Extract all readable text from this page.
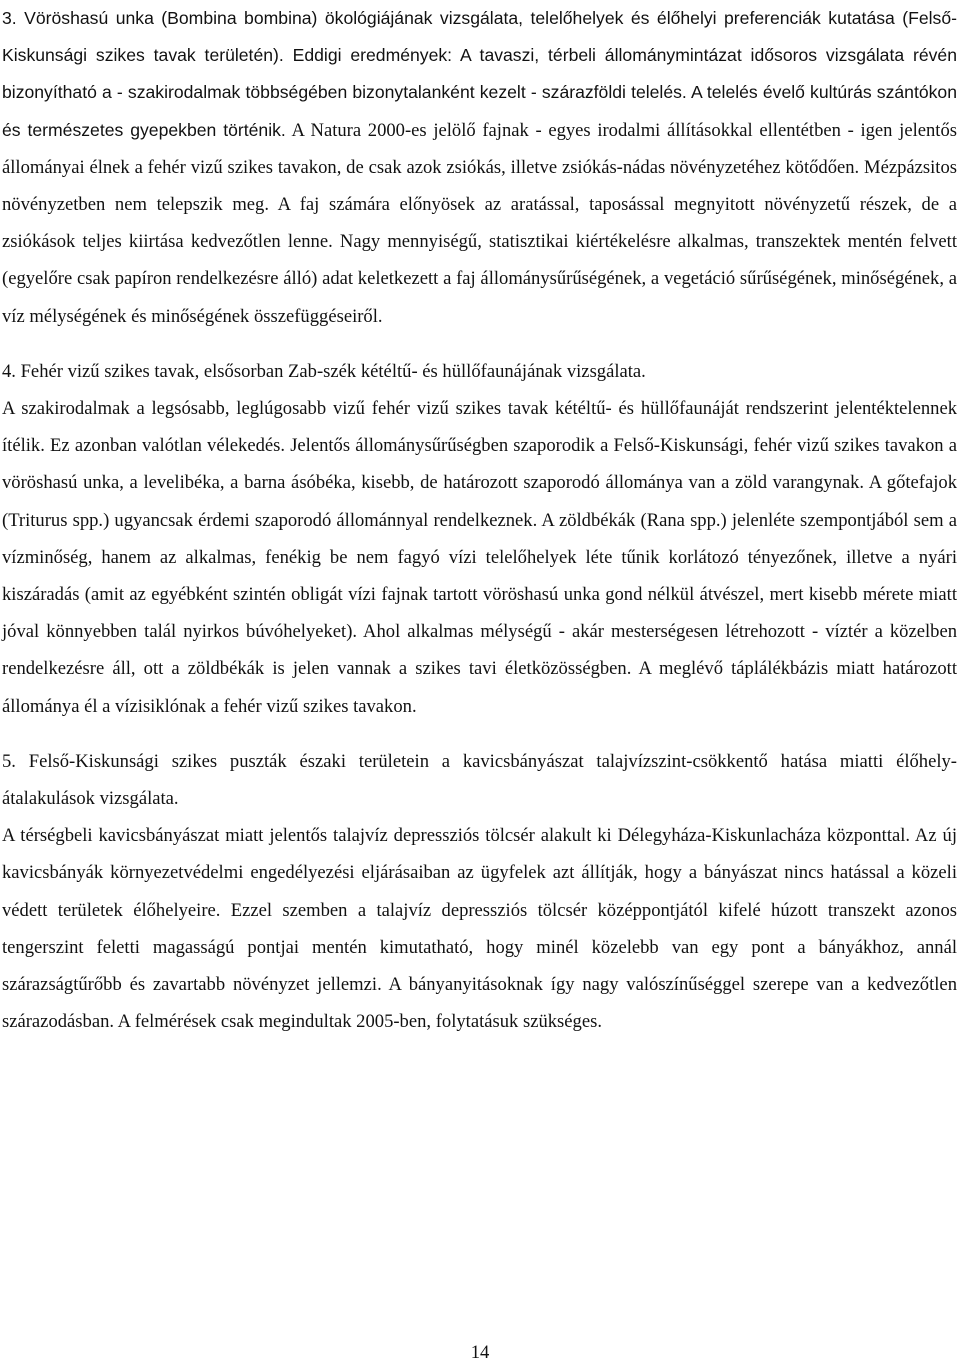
3. Vöröshasú unka (Bombina bombina) ökológiájának vizsgálata, telelőhelyek és élőhelyi preferenciák kutatása (Felső-Kiskunsági szikes tavak területén). Eddigi eredmények: A tavaszi, térbeli állománymintázat idősoros vizsgálata révén bizonyítható a - szakirodalmak többségében bizonytalanként kezelt - szárazföldi telelés. A telelés évelő kultúrás szántókon és természetes gyepekben történik. A Natura 2000-es jelölő fajnak - egyes irodalmi állításokkal ellentétben - igen jelentős állományai élnek a fehér vizű szikes tavakon, de csak azok zsiókás, illetve zsiókás-nádas növényzetéhez kötődően. Mézpázsitos növényzetben nem telepszik meg. A faj számára előnyösek az aratással, taposással megnyitott növényzetű részek, de a zsiókások teljes kiirtása kedvezőtlen lenne. Nagy mennyiségű, statisztikai kiértékelésre alkalmas, transzektek mentén felvett (egyelőre csak papíron rendelkezésre álló) adat keletkezett a faj állománysűrűségének, a vegetáció sűrűségének, minőségének, a víz mélységének és minőségének összefüggéseiről.

4. Fehér vizű szikes tavak, elsősorban Zab-szék kétéltű- és hüllőfaunájának vizsgálata.

A szakirodalmak a legsósabb, leglúgosabb vizű fehér vizű szikes tavak kétéltű- és hüllőfaunáját rendszerint jelentéktelennek ítélik. Ez azonban valótlan vélekedés. Jelentős állománysűrűségben szaporodik a Felső-Kiskunsági, fehér vizű szikes tavakon a vöröshasú unka, a levelibéka, a barna ásóbéka, kisebb, de határozott szaporodó állománya van a zöld varangynak. A gőtefajok (Triturus spp.) ugyancsak érdemi szaporodó állománnyal rendelkeznek. A zöldbékák (Rana spp.) jelenléte szempontjából sem a vízminőség, hanem az alkalmas, fenékig be nem fagyó vízi telelőhelyek léte tűnik korlátozó tényezőnek, illetve a nyári kiszáradás (amit az egyébként szintén obligát vízi fajnak tartott vöröshasú unka gond nélkül átvészel, mert kisebb mérete miatt jóval könnyebben talál nyirkos búvóhelyeket). Ahol alkalmas mélységű - akár mesterségesen létrehozott - víztér a közelben rendelkezésre áll, ott a zöldbékák is jelen vannak a szikes tavi életközösségben. A meglévő táplálékbázis miatt határozott állománya él a vízisiklónak a fehér vizű szikes tavakon.

5. Felső-Kiskunsági szikes puszták északi területein a kavicsbányászat talajvízszint-csökkentő hatása miatti élőhely-átalakulások vizsgálata.

A térségbeli kavicsbányászat miatt jelentős talajvíz depressziós tölcsér alakult ki Délegyháza-Kiskunlacháza központtal. Az új kavicsbányák környezetvédelmi engedélyezési eljárásaiban az ügyfelek azt állítják, hogy a bányászat nincs hatással a közeli védett területek élőhelyeire. Ezzel szemben a talajvíz depressziós tölcsér középpontjától kifelé húzott transzekt azonos tengerszint feletti magasságú pontjai mentén kimutatható, hogy minél közelebb van egy pont a bányákhoz, annál szárazságtűrőbb és zavartabb növényzet jellemzi. A bányanyitásoknak így nagy valószínűséggel szerepe van a kedvezőtlen szárazodásban. A felmérések csak megindultak 2005-ben, folytatásuk szükséges.

14
